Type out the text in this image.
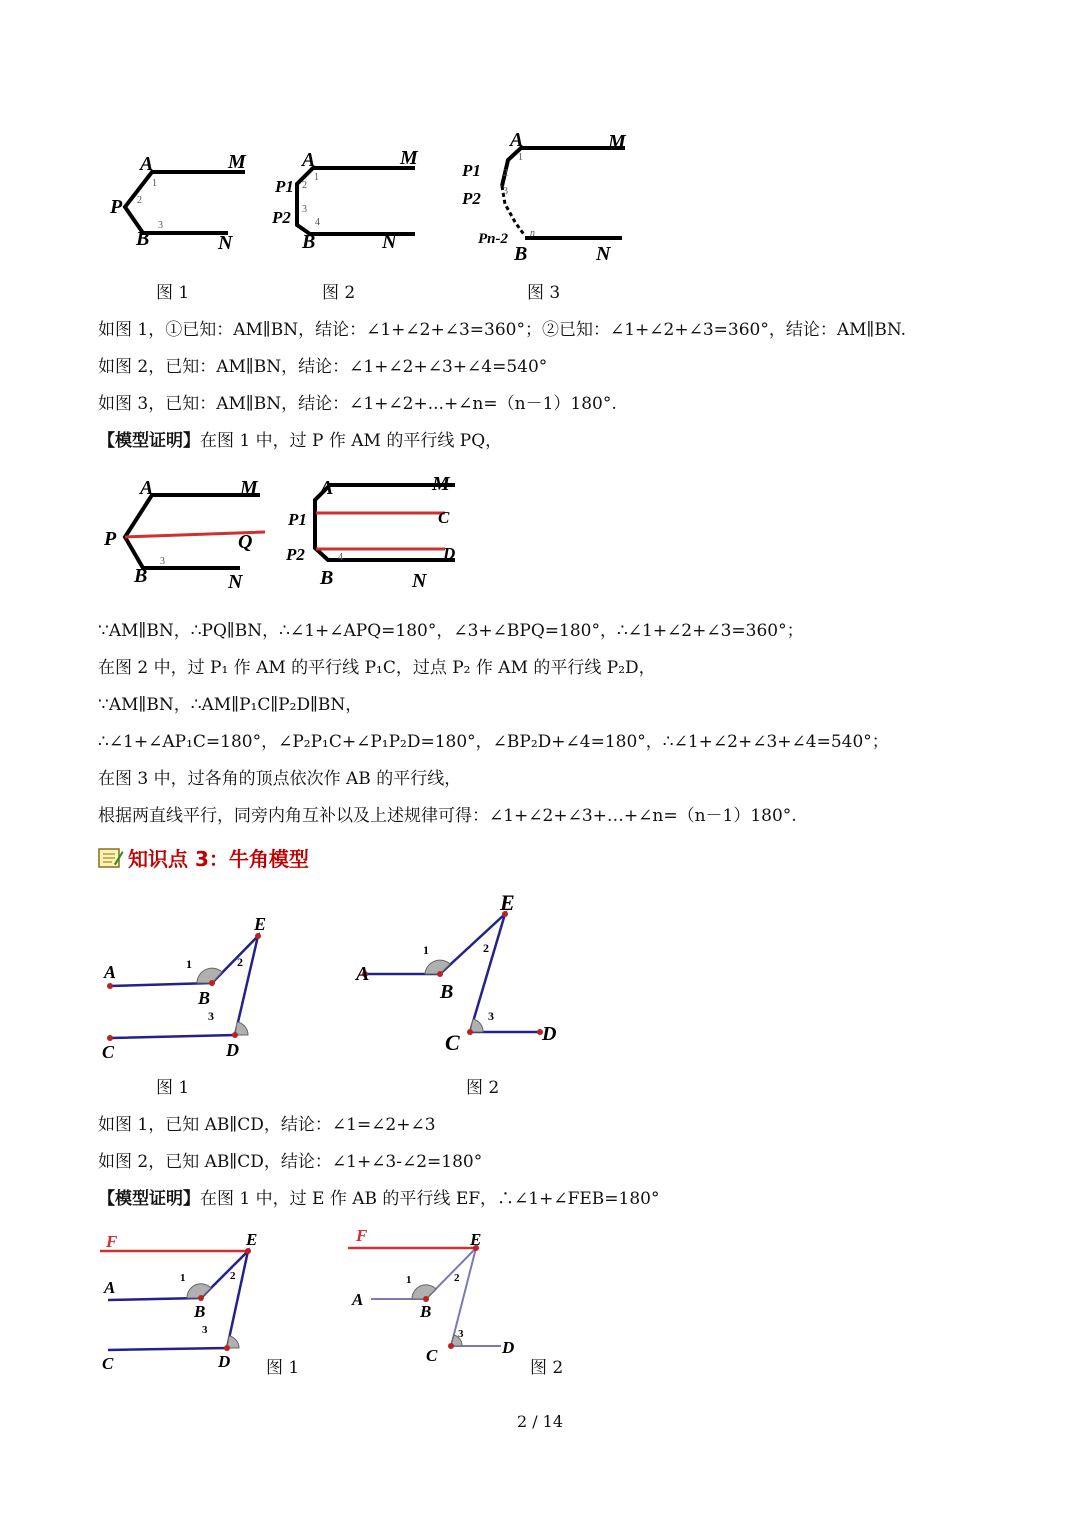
A	M
P
B	N
1
2
3
A	M
P1
P2
B	N
1
2
3
4
A	M
P1
P2
Pn-2
B	N
1
2
3
n
图 1	图 2	图 3
如图 1，①已知：AM∥BN，结论：∠1+∠2+∠3=360°；②已知：∠1+∠2+∠3=360°，结论：AM∥BN.
如图 2，已知：AM∥BN，结论：∠1+∠2+∠3+∠4=540°
如图 3，已知：AM∥BN，结论：∠1+∠2+...+∠n=（n－1）180°.
【模型证明】在图 1 中，过 P 作 AM 的平行线 PQ，
A	M
P	Q
B	N
A	M
P1	C
P2	D
B	N
3	4
∵AM∥BN，∴PQ∥BN，∴∠1+∠APQ=180°，∠3+∠BPQ=180°，∴∠1+∠2+∠3=360°；
在图 2 中，过 P₁ 作 AM 的平行线 P₁C，过点 P₂ 作 AM 的平行线 P₂D，
∵AM∥BN，∴AM∥P₁C∥P₂D∥BN，
∴∠1+∠AP₁C=180°，∠P₂P₁C+∠P₁P₂D=180°，∠BP₂D+∠4=180°，∴∠1+∠2+∠3+∠4=540°；
在图 3 中，过各角的顶点依次作 AB 的平行线，
根据两直线平行，同旁内角互补以及上述规律可得：∠1+∠2+∠3+…+∠n=（n－1）180°.
知识点 3：牛角模型
A
B
E
C	D
A
B
E
C	D
1	2
3
1	2
3
图 1	图 2
如图 1，已知 AB∥CD，结论：∠1=∠2+∠3
如图 2，已知 AB∥CD，结论：∠1+∠3-∠2=180°
【模型证明】在图 1 中，过 E 作 AB 的平行线 EF，∴∠1+∠FEB=180°
F	E
A
B
C	D
F	E
A
B
C	D
1	2
3
1	2
3
图 1	图 2
2 / 14
